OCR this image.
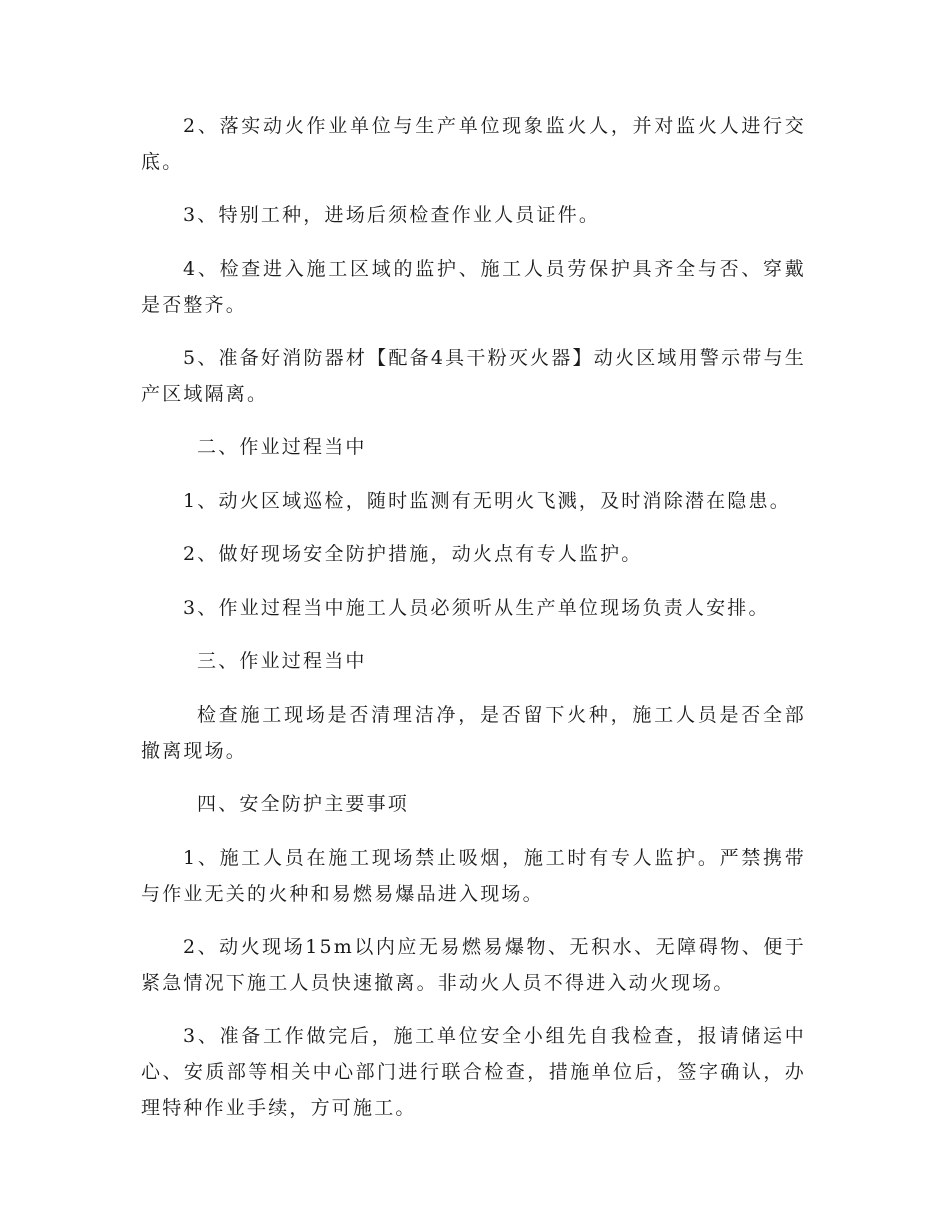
2、落实动火作业单位与生产单位现象监火人，并对监火人进行交底。

3、特别工种，进场后须检查作业人员证件。

4、检查进入施工区域的监护、施工人员劳保护具齐全与否、穿戴是否整齐。

5、准备好消防器材【配备4具干粉灭火器】动火区域用警示带与生产区域隔离。

二、作业过程当中

1、动火区域巡检，随时监测有无明火飞溅，及时消除潜在隐患。

2、做好现场安全防护措施，动火点有专人监护。

3、作业过程当中施工人员必须听从生产单位现场负责人安排。

三、作业过程当中

检查施工现场是否清理洁净，是否留下火种，施工人员是否全部撤离现场。

四、安全防护主要事项

1、施工人员在施工现场禁止吸烟，施工时有专人监护。严禁携带与作业无关的火种和易燃易爆品进入现场。

2、动火现场15m以内应无易燃易爆物、无积水、无障碍物、便于紧急情况下施工人员快速撤离。非动火人员不得进入动火现场。

3、准备工作做完后，施工单位安全小组先自我检查，报请储运中心、安质部等相关中心部门进行联合检查，措施单位后，签字确认，办理特种作业手续，方可施工。
